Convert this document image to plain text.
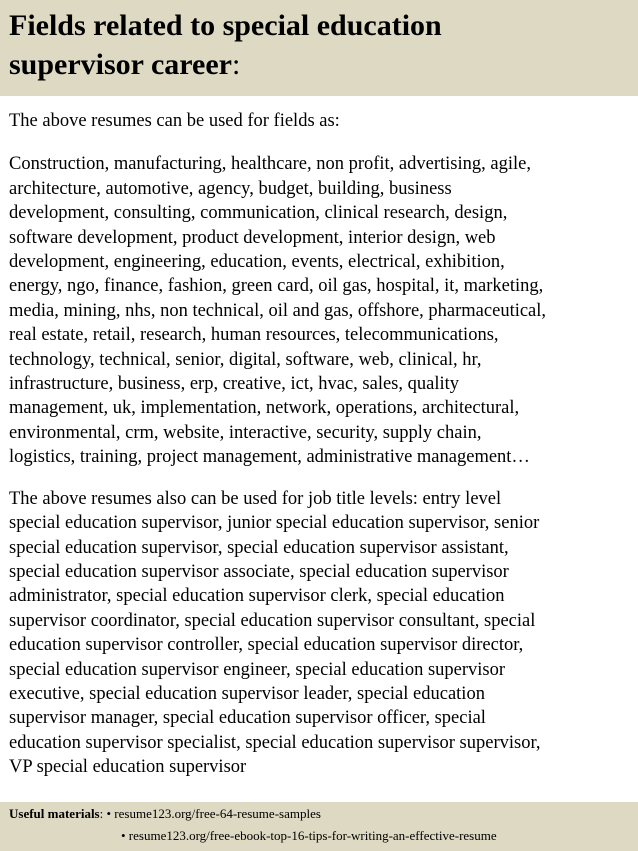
Fields related to special education
supervisor career:

The above resumes can be used for fields as:

Construction, manufacturing, healthcare, non profit, advertising, agile,
architecture, automotive, agency, budget, building, business
development, consulting, communication, clinical research, design,
software development, product development, interior design, web
development, engineering, education, events, electrical, exhibition,
energy, ngo, finance, fashion, green card, oil gas, hospital, it, marketing,
media, mining, nhs, non technical, oil and gas, offshore, pharmaceutical,
real estate, retail, research, human resources, telecommunications,
technology, technical, senior, digital, software, web, clinical, hr,
infrastructure, business, erp, creative, ict, hvac, sales, quality
management, uk, implementation, network, operations, architectural,
environmental, crm, website, interactive, security, supply chain,
logistics, training, project management, administrative management…

The above resumes also can be used for job title levels: entry level
special education supervisor, junior special education supervisor, senior
special education supervisor, special education supervisor assistant,
special education supervisor associate, special education supervisor
administrator, special education supervisor clerk, special education
supervisor coordinator, special education supervisor consultant, special
education supervisor controller, special education supervisor director,
special education supervisor engineer, special education supervisor
executive, special education supervisor leader, special education
supervisor manager, special education supervisor officer, special
education supervisor specialist, special education supervisor supervisor,
VP special education supervisor

Useful materials: • resume123.org/free-64-resume-samples
• resume123.org/free-ebook-top-16-tips-for-writing-an-effective-resume
